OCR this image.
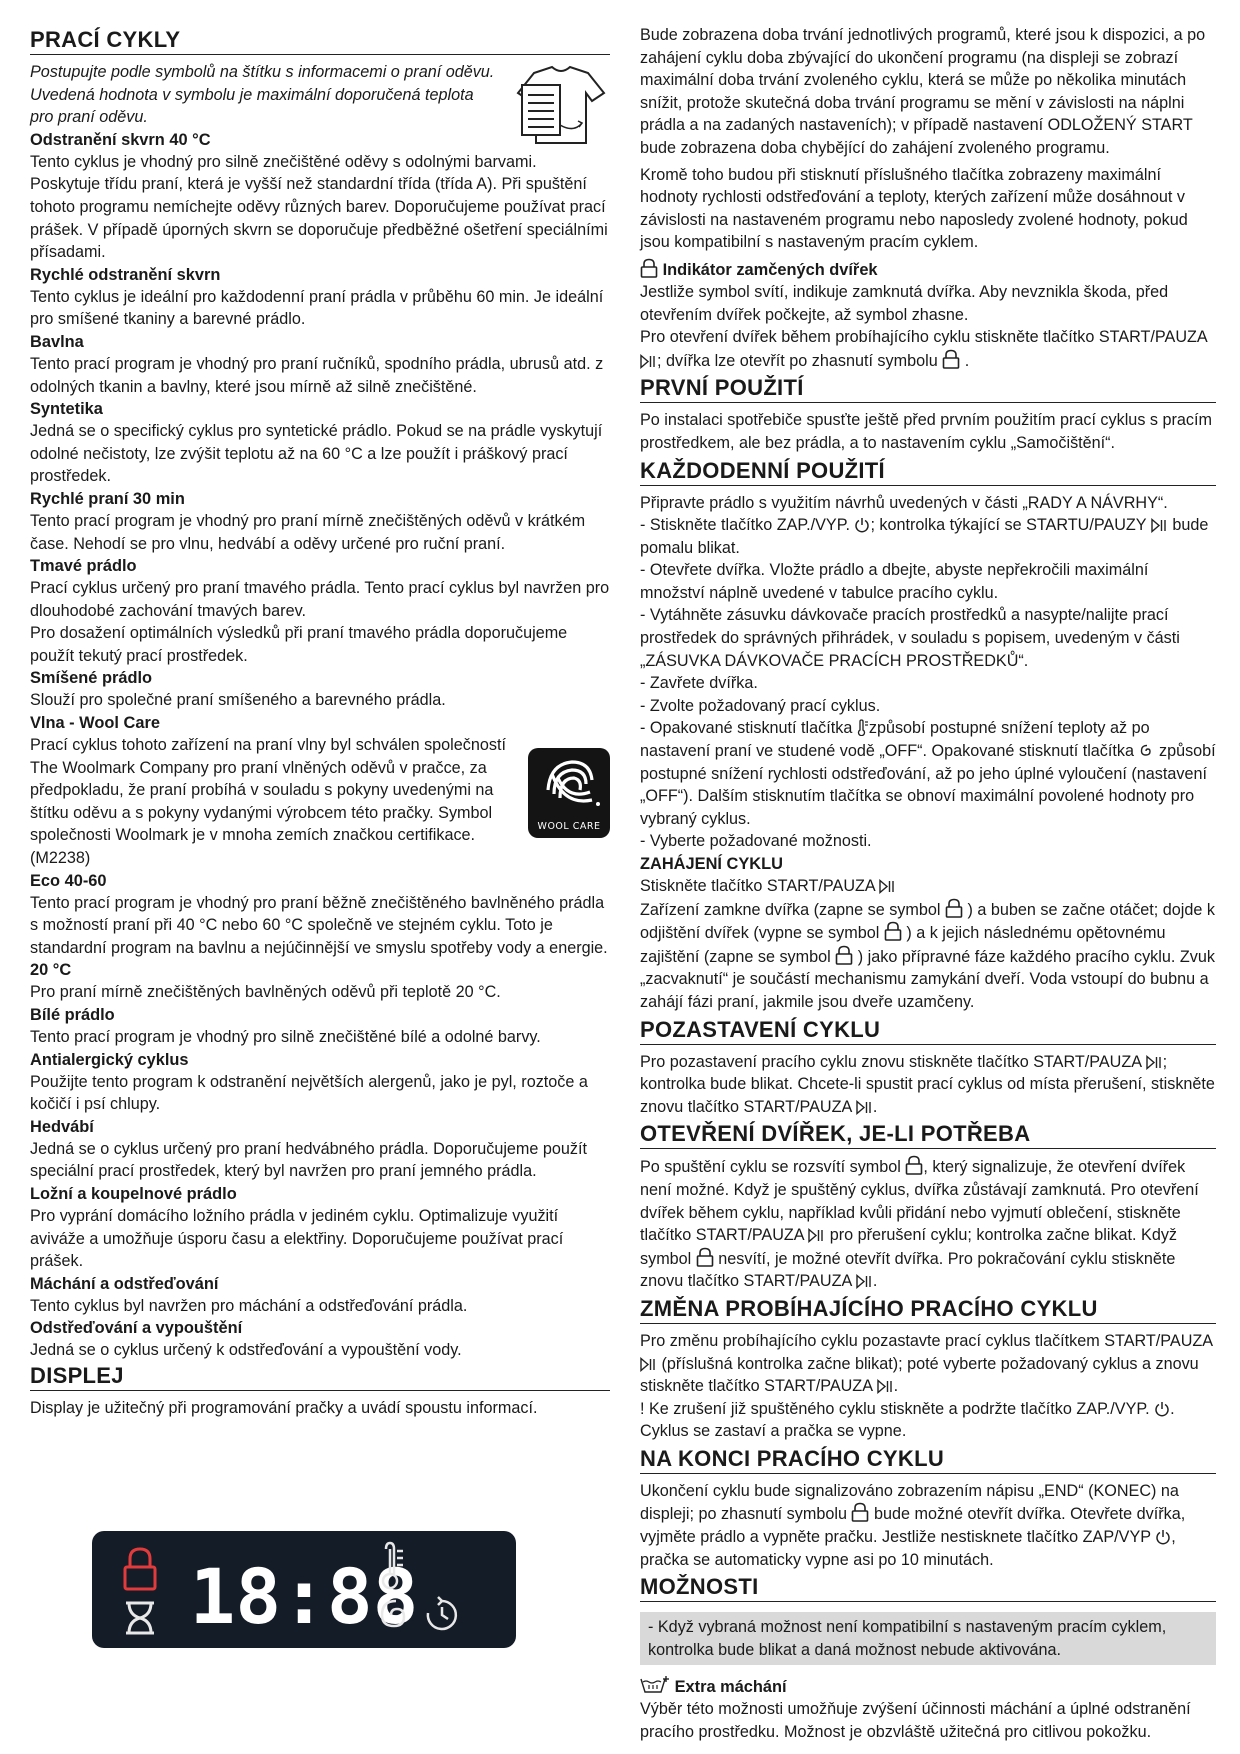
PRACÍ CYKLY

Postupujte podle symbolů na štítku s informacemi o praní oděvu. Uvedená hodnota v symbolu je maximální doporučená teplota pro praní oděvu.

Odstranění skvrn 40 °C

Tento cyklus je vhodný pro silně znečištěné oděvy s odolnými barvami. Poskytuje třídu praní, která je vyšší než standardní třída (třída A). Při spuštění tohoto programu nemíchejte oděvy různých barev. Doporučujeme používat prací prášek. V případě úporných skvrn se doporučuje předběžné ošetření speciálními přísadami.

Rychlé odstranění skvrn

Tento cyklus je ideální pro každodenní praní prádla v průběhu 60 min. Je ideální pro smíšené tkaniny a barevné prádlo.

Bavlna

Tento prací program je vhodný pro praní ručníků, spodního prádla, ubrusů atd. z odolných tkanin a bavlny, které jsou mírně až silně znečištěné.

Syntetika

Jedná se o specifický cyklus pro syntetické prádlo. Pokud se na prádle vyskytují odolné nečistoty, lze zvýšit teplotu až na 60 °C a lze použít i práškový prací prostředek.

Rychlé praní 30 min

Tento prací program je vhodný pro praní mírně znečištěných oděvů v krátkém čase. Nehodí se pro vlnu, hedvábí a oděvy určené pro ruční praní.

Tmavé prádlo

Prací cyklus určený pro praní tmavého prádla. Tento prací cyklus byl navržen pro dlouhodobé zachování tmavých barev.

Pro dosažení optimálních výsledků při praní tmavého prádla doporučujeme použít tekutý prací prostředek.

Smíšené prádlo

Slouží pro společné praní smíšeného a barevného prádla.

Vlna - Wool Care

Prací cyklus tohoto zařízení na praní vlny byl schválen společností The Woolmark Company pro praní vlněných oděvů v pračce, za předpokladu, že praní probíhá v souladu s pokyny uvedenými na štítku oděvu a s pokyny vydanými výrobcem této pračky. Symbol společnosti Woolmark je v mnoha zemích značkou certifikace. (M2238)

WOOL CARE
Eco 40-60

Tento prací program je vhodný pro praní běžně znečištěného bavlněného prádla s možností praní při 40 °C nebo 60 °C společně ve stejném cyklu. Toto je standardní program na bavlnu a nejúčinnější ve smyslu spotřeby vody a energie.

20 °C

Pro praní mírně znečištěných bavlněných oděvů při teplotě 20 °C.

Bílé prádlo

Tento prací program je vhodný pro silně znečištěné bílé a odolné barvy.

Antialergický cyklus

Použijte tento program k odstranění největších alergenů, jako je pyl, roztoče a kočičí i psí chlupy.

Hedvábí

Jedná se o cyklus určený pro praní hedvábného prádla. Doporučujeme použít speciální prací prostředek, který byl navržen pro praní jemného prádla.

Ložní a koupelnové prádlo

Pro vyprání domácího ložního prádla v jediném cyklu. Optimalizuje využití aviváže a umožňuje úsporu času a elektřiny. Doporučujeme používat prací prášek.

Máchání a odstřeďování

Tento cyklus byl navržen pro máchání a odstřeďování prádla.

Odstřeďování a vypouštění

Jedná se o cyklus určený k odstřeďování a vypouštění vody.

DISPLEJ

Display je užitečný při programování pračky a uvádí spoustu informací.

18:88

Bude zobrazena doba trvání jednotlivých programů, které jsou k dispozici, a po zahájení cyklu doba zbývající do ukončení programu (na displeji se zobrazí maximální doba trvání zvoleného cyklu, která se může po několika minutách snížit, protože skutečná doba trvání programu se mění v závislosti na náplni prádla a na zadaných nastaveních); v případě nastavení ODLOŽENÝ START bude zobrazena doba chybějící do zahájení zvoleného programu.

Kromě toho budou při stisknutí příslušného tlačítka zobrazeny maximální hodnoty rychlosti odstřeďování a teploty, kterých zařízení může dosáhnout v závislosti na nastaveném programu nebo naposledy zvolené hodnoty, pokud jsou kompatibilní s nastaveným pracím cyklem.

Indikátor zamčených dvířek

Jestliže symbol svítí, indikuje zamknutá dvířka. Aby nevznikla škoda, před otevřením dvířek počkejte, až symbol zhasne.

Pro otevření dvířek během probíhajícího cyklu stiskněte tlačítko START/PAUZA ; dvířka lze otevřít po zhasnutí symbolu .

PRVNÍ POUŽITÍ

Po instalaci spotřebiče spusťte ještě před prvním použitím prací cyklus s pracím prostředkem, ale bez prádla, a to nastavením cyklu „Samočištění“.

KAŽDODENNÍ POUŽITÍ

Připravte prádlo s využitím návrhů uvedených v části „RADY A NÁVRHY“.

- Stiskněte tlačítko ZAP./VYP. ; kontrolka týkající se STARTU/PAUZY bude pomalu blikat.

- Otevřete dvířka. Vložte prádlo a dbejte, abyste nepřekročili maximální množství náplně uvedené v tabulce pracího cyklu.

- Vytáhněte zásuvku dávkovače pracích prostředků a nasypte/nalijte prací prostředek do správných přihrádek, v souladu s popisem, uvedeným v části „ZÁSUVKA DÁVKOVAČE PRACÍCH PROSTŘEDKŮ“.

- Zavřete dvířka.

- Zvolte požadovaný prací cyklus.

- Opakované stisknutí tlačítka způsobí postupné snížení teploty až po nastavení praní ve studené vodě „OFF“. Opakované stisknutí tlačítka způsobí postupné snížení rychlosti odstřeďování, až po jeho úplné vyloučení (nastavení „OFF“). Dalším stisknutím tlačítka se obnoví maximální povolené hodnoty pro vybraný cyklus.

- Vyberte požadované možnosti.

ZAHÁJENÍ CYKLU

Stiskněte tlačítko START/PAUZA

Zařízení zamkne dvířka (zapne se symbol ) a buben se začne otáčet; dojde k odjištění dvířek (vypne se symbol ) a k jejich následnému opětovnému zajištění (zapne se symbol ) jako přípravné fáze každého pracího cyklu. Zvuk „zacvaknutí“ je součástí mechanismu zamykání dveří. Voda vstoupí do bubnu a zahájí fázi praní, jakmile jsou dveře uzamčeny.

POZASTAVENÍ CYKLU

Pro pozastavení pracího cyklu znovu stiskněte tlačítko START/PAUZA ; kontrolka bude blikat. Chcete-li spustit prací cyklus od místa přerušení, stiskněte znovu tlačítko START/PAUZA .

OTEVŘENÍ DVÍŘEK, JE-LI POTŘEBA

Po spuštění cyklu se rozsvítí symbol , který signalizuje, že otevření dvířek není možné. Když je spuštěný cyklus, dvířka zůstávají zamknutá. Pro otevření dvířek během cyklu, například kvůli přidání nebo vyjmutí oblečení, stiskněte tlačítko START/PAUZA pro přerušení cyklu; kontrolka začne blikat. Když symbol nesvítí, je možné otevřít dvířka. Pro pokračování cyklu stiskněte znovu tlačítko START/PAUZA .

ZMĚNA PROBÍHAJÍCÍHO PRACÍHO CYKLU

Pro změnu probíhajícího cyklu pozastavte prací cyklus tlačítkem START/PAUZA  (příslušná kontrolka začne blikat); poté vyberte požadovaný cyklus a znovu stiskněte tlačítko START/PAUZA .

! Ke zrušení již spuštěného cyklu stiskněte a podržte tlačítko ZAP./VYP. . Cyklus se zastaví a pračka se vypne.

NA KONCI PRACÍHO CYKLU

Ukončení cyklu bude signalizováno zobrazením nápisu „END“ (KONEC) na displeji; po zhasnutí symbolu bude možné otevřít dvířka. Otevřete dvířka, vyjměte prádlo a vypněte pračku. Jestliže nestisknete tlačítko ZAP/VYP , pračka se automaticky vypne asi po 10 minutách.

MOŽNOSTI
- Když vybraná možnost není kompatibilní s nastaveným pracím cyklem, kontrolka bude blikat a daná možnost nebude aktivována.
Extra máchání

Výběr této možnosti umožňuje zvýšení účinnosti máchání a úplné odstranění pracího prostředku. Možnost je obzvláště užitečná pro citlivou pokožku.
